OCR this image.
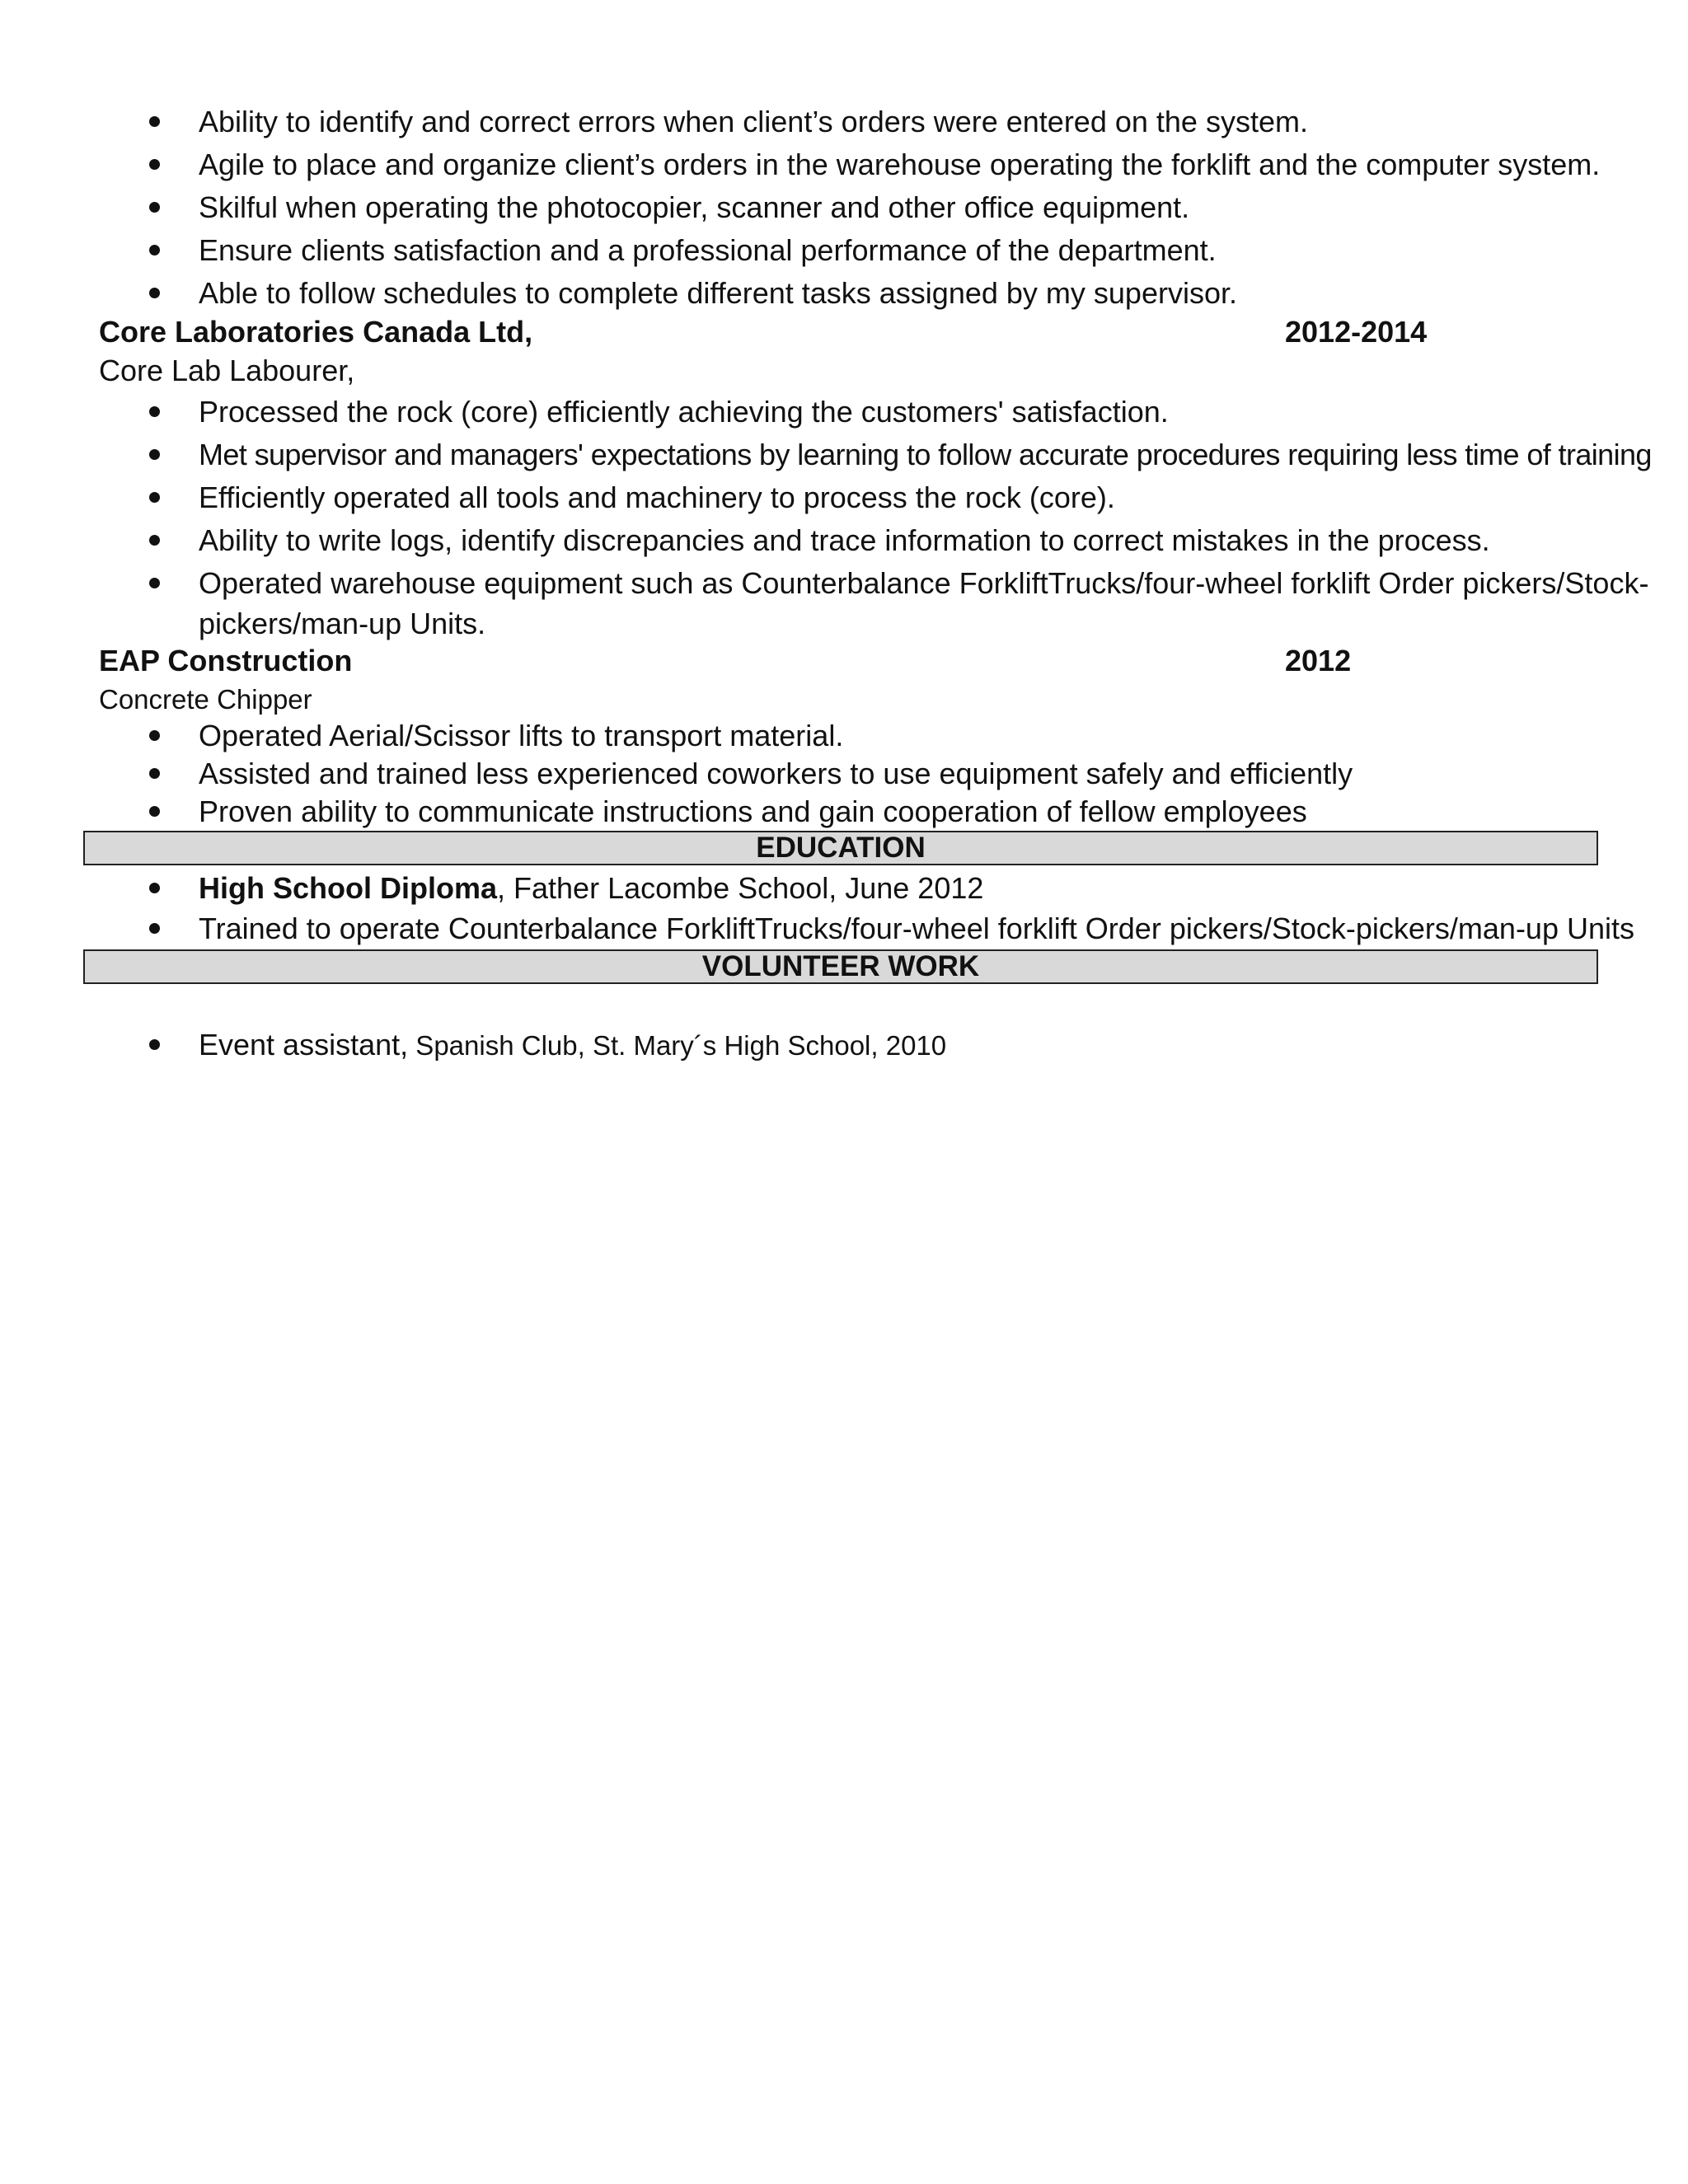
Ability to identify and correct errors when client’s orders were entered on the system.
Agile to place and organize client’s orders in the warehouse operating the forklift and the computer system.
Skilful when operating the photocopier, scanner and other office equipment.
Ensure clients satisfaction and a professional performance of the department.
Able to follow schedules to complete different tasks assigned by my supervisor.
Core Laboratories Canada Ltd,	2012-2014
Core Lab Labourer,
Processed the rock (core) efficiently achieving the customers' satisfaction.
Met supervisor and managers' expectations by learning to follow accurate procedures requiring less time of training
Efficiently operated all tools and machinery to process the rock (core).
Ability to write logs, identify discrepancies and trace information to correct mistakes in the process.
Operated warehouse equipment such as Counterbalance ForkliftTrucks/four-wheel forklift Order pickers/Stock-
pickers/man-up Units.
EAP Construction	2012
Concrete Chipper
Operated Aerial/Scissor lifts to transport material.
Assisted and trained less experienced coworkers to use equipment safely and efficiently
Proven ability to communicate instructions and gain cooperation of fellow employees
EDUCATION
High School Diploma, Father Lacombe School, June 2012
Trained to operate Counterbalance ForkliftTrucks/four-wheel forklift Order pickers/Stock-pickers/man-up Units
VOLUNTEER WORK
Event assistant, Spanish Club, St. Mary´s High School, 2010
